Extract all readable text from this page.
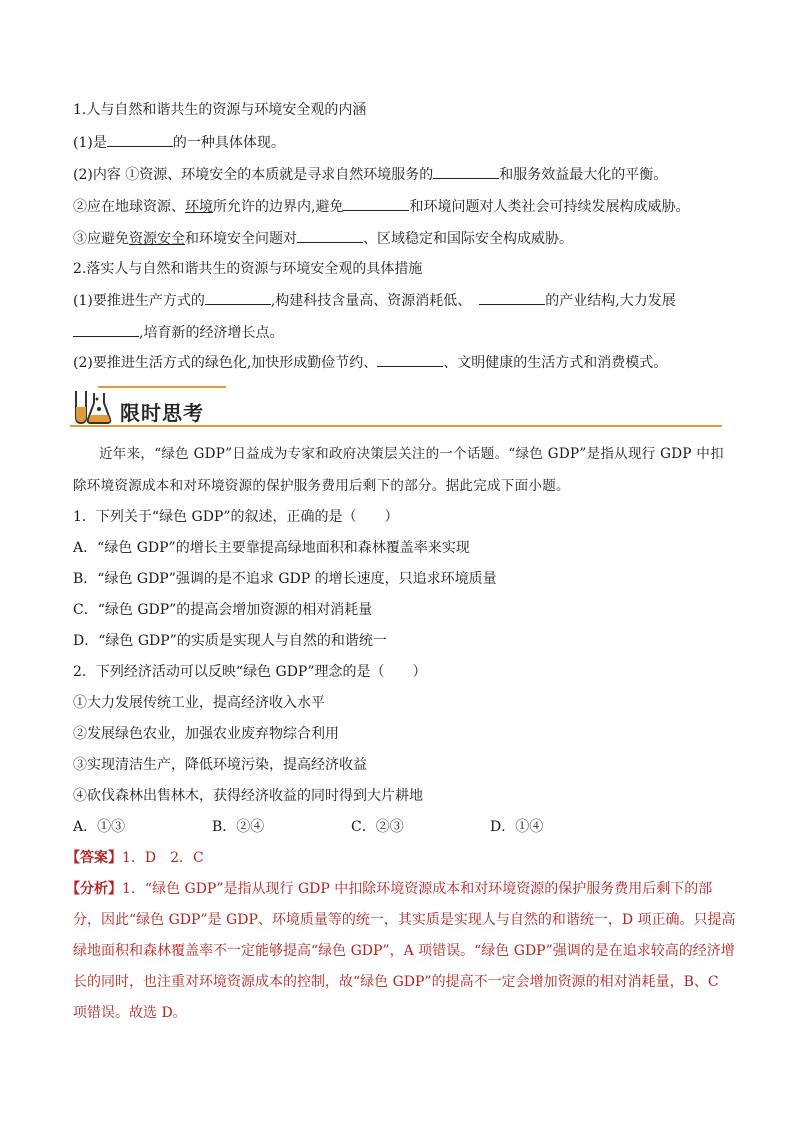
1.人与自然和谐共生的资源与环境安全观的内涵
(1)是	的一种具体体现。
(2)内容 ①资源、环境安全的本质就是寻求自然环境服务的	和服务效益最大化的平衡。
②应在地球资源、环境所允许的边界内,避免	和环境问题对人类社会可持续发展构成威胁。
③应避免资源安全和环境安全问题对	、区域稳定和国际安全构成威胁。
2.落实人与自然和谐共生的资源与环境安全观的具体措施
(1)要推进生产方式的	,构建科技含量高、资源消耗低、	的产业结构,大力发展
,培育新的经济增长点。
(2)要推进生活方式的绿色化,加快形成勤俭节约、	、文明健康的生活方式和消费模式。
限时思考
近年来，“绿色 GDP”日益成为专家和政府决策层关注的一个话题。“绿色 GDP”是指从现行 GDP 中扣
除环境资源成本和对环境资源的保护服务费用后剩下的部分。据此完成下面小题。
1．下列关于“绿色 GDP”的叙述，正确的是（　　）
A．“绿色 GDP”的增长主要靠提高绿地面积和森林覆盖率来实现
B．“绿色 GDP”强调的是不追求 GDP 的增长速度，只追求环境质量
C．“绿色 GDP”的提高会增加资源的相对消耗量
D．“绿色 GDP”的实质是实现人与自然的和谐统一
2．下列经济活动可以反映“绿色 GDP”理念的是（　　）
①大力发展传统工业，提高经济收入水平
②发展绿色农业，加强农业废弃物综合利用
③实现清洁生产，降低环境污染，提高经济收益
④砍伐森林出售林木，获得经济收益的同时得到大片耕地
A．①③	B．②④	C．②③	D．①④
【答案】1．D　2．C
【分析】1．“绿色 GDP”是指从现行 GDP 中扣除环境资源成本和对环境资源的保护服务费用后剩下的部
分，因此“绿色 GDP”是 GDP、环境质量等的统一，其实质是实现人与自然的和谐统一，D 项正确。只提高
绿地面积和森林覆盖率不一定能够提高“绿色 GDP”，A 项错误。“绿色 GDP”强调的是在追求较高的经济增
长的同时，也注重对环境资源成本的控制，故“绿色 GDP”的提高不一定会增加资源的相对消耗量，B、C
项错误。故选 D。
